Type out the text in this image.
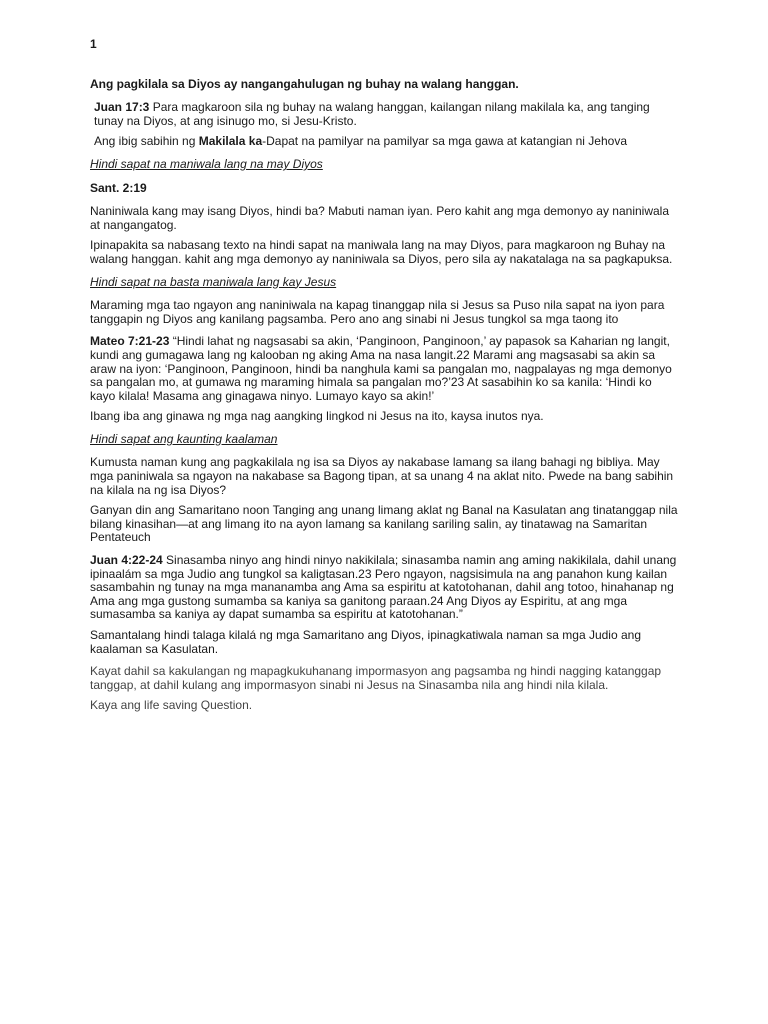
1

Ang pagkilala sa Diyos ay nangangahulugan ng buhay na walang hanggan.

Juan 17:3 Para magkaroon sila ng buhay na walang hanggan, kailangan nilang makilala ka, ang tanging tunay na Diyos, at ang isinugo mo, si Jesu-Kristo.

Ang ibig sabihin ng Makilala ka-Dapat na pamilyar na pamilyar sa mga gawa at katangian ni Jehova

Hindi sapat na maniwala lang na may Diyos

Sant. 2:19

Naniniwala kang may isang Diyos, hindi ba? Mabuti naman iyan. Pero kahit ang mga demonyo ay naniniwala at nangangatog.

Ipinapakita sa nabasang texto na hindi sapat na maniwala lang na may Diyos, para magkaroon ng Buhay na walang hanggan. kahit ang mga demonyo ay naniniwala sa Diyos, pero sila ay nakatalaga na sa pagkapuksa.

Hindi sapat na basta maniwala lang kay Jesus

Maraming mga tao ngayon ang naniniwala na kapag tinanggap nila si Jesus sa Puso nila sapat na iyon para tanggapin ng Diyos ang kanilang pagsamba. Pero ano ang sinabi ni Jesus tungkol sa mga taong ito

Mateo 7:21-23 “Hindi lahat ng nagsasabi sa akin, ‘Panginoon, Panginoon,’ ay papasok sa Kaharian ng langit, kundi ang gumagawa lang ng kalooban ng aking Ama na nasa langit.22 Marami ang magsasabi sa akin sa araw na iyon: ‘Panginoon, Panginoon, hindi ba nanghula kami sa pangalan mo, nagpalayas ng mga demonyo sa pangalan mo, at gumawa ng maraming himala sa pangalan mo?’23 At sasabihin ko sa kanila: ‘Hindi ko kayo kilala! Masama ang ginagawa ninyo. Lumayo kayo sa akin!’

Ibang iba ang ginawa ng mga nag aangking lingkod ni Jesus na ito, kaysa inutos nya.

Hindi sapat ang kaunting kaalaman

Kumusta naman kung ang pagkakilala ng isa sa Diyos ay nakabase lamang sa ilang bahagi ng bibliya. May mga paniniwala sa ngayon na nakabase sa Bagong tipan, at sa unang 4 na aklat nito. Pwede na bang sabihin na kilala na ng isa Diyos?

Ganyan din ang Samaritano noon Tanging ang unang limang aklat ng Banal na Kasulatan ang tinatanggap nila bilang kinasihan—at ang limang ito na ayon lamang sa kanilang sariling salin, ay tinatawag na Samaritan Pentateuch

Juan 4:22-24 Sinasamba ninyo ang hindi ninyo nakikilala; sinasamba namin ang aming nakikilala, dahil unang ipinaalám sa mga Judio ang tungkol sa kaligtasan.23 Pero ngayon, nagsisimula na ang panahon kung kailan sasambahin ng tunay na mga mananamba ang Ama sa espiritu at katotohanan, dahil ang totoo, hinahanap ng Ama ang mga gustong sumamba sa kaniya sa ganitong paraan.24 Ang Diyos ay Espiritu, at ang mga sumasamba sa kaniya ay dapat sumamba sa espiritu at katotohanan.”

Samantalang hindi talaga kilalá ng mga Samaritano ang Diyos, ipinagkatiwala naman sa mga Judio ang kaalaman sa Kasulatan.

Kayat dahil sa kakulangan ng mapagkukuhanang impormasyon ang pagsamba ng hindi nagging katanggap tanggap, at dahil kulang ang impormasyon sinabi ni Jesus na Sinasamba nila ang hindi nila kilala.

Kaya ang life saving Question.
